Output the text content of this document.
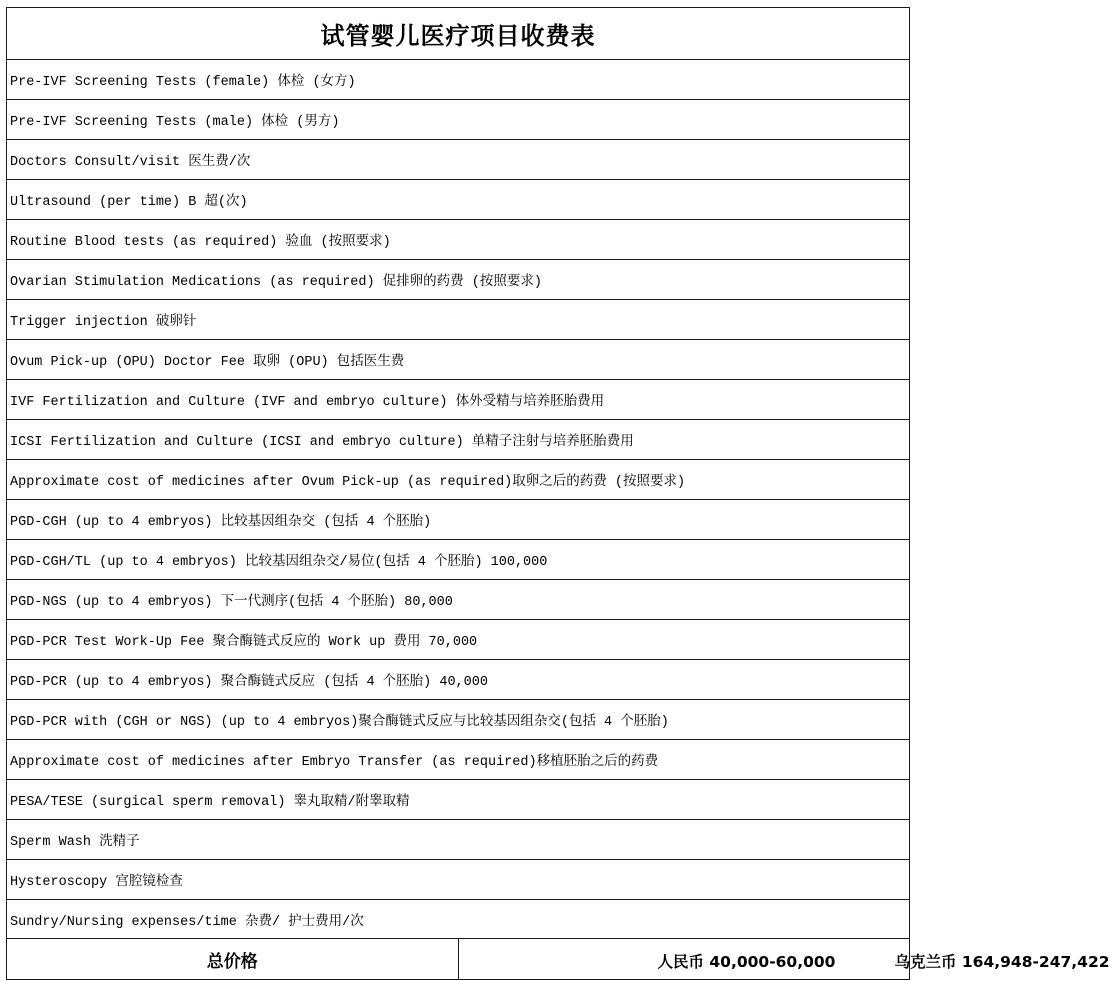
试管婴儿医疗项目收费表
Pre-IVF Screening Tests (female) 体检 (女方)
Pre-IVF Screening Tests (male) 体检 (男方)
Doctors Consult/visit 医生费/次
Ultrasound (per time) B 超(次)
Routine Blood tests (as required) 验血 (按照要求)
Ovarian Stimulation Medications (as required) 促排卵的药费 (按照要求)
Trigger injection 破卵针
Ovum Pick-up (OPU) Doctor Fee 取卵 (OPU) 包括医生费
IVF Fertilization and Culture (IVF and embryo culture) 体外受精与培养胚胎费用
ICSI Fertilization and Culture (ICSI and embryo culture) 单精子注射与培养胚胎费用
Approximate cost of medicines after Ovum Pick-up (as required)取卵之后的药费 (按照要求)
PGD-CGH (up to 4 embryos) 比较基因组杂交 (包括 4 个胚胎)
PGD-CGH/TL (up to 4 embryos) 比较基因组杂交/易位(包括 4 个胚胎) 100,000
PGD-NGS (up to 4 embryos) 下一代测序(包括 4 个胚胎) 80,000
PGD-PCR Test Work-Up Fee 聚合酶链式反应的 Work up 费用 70,000
PGD-PCR (up to 4 embryos) 聚合酶链式反应 (包括 4 个胚胎) 40,000
PGD-PCR with (CGH or NGS) (up to 4 embryos)聚合酶链式反应与比较基因组杂交(包括 4 个胚胎)
Approximate cost of medicines after Embryo Transfer (as required)移植胚胎之后的药费
PESA/TESE (surgical sperm removal) 睾丸取精/附睾取精
Sperm Wash 洗精子
Hysteroscopy 宫腔镜检查
Sundry/Nursing expenses/time 杂费/ 护士费用/次
总价格	人民币 40,000-60,000	乌克兰币 164,948-247,422
